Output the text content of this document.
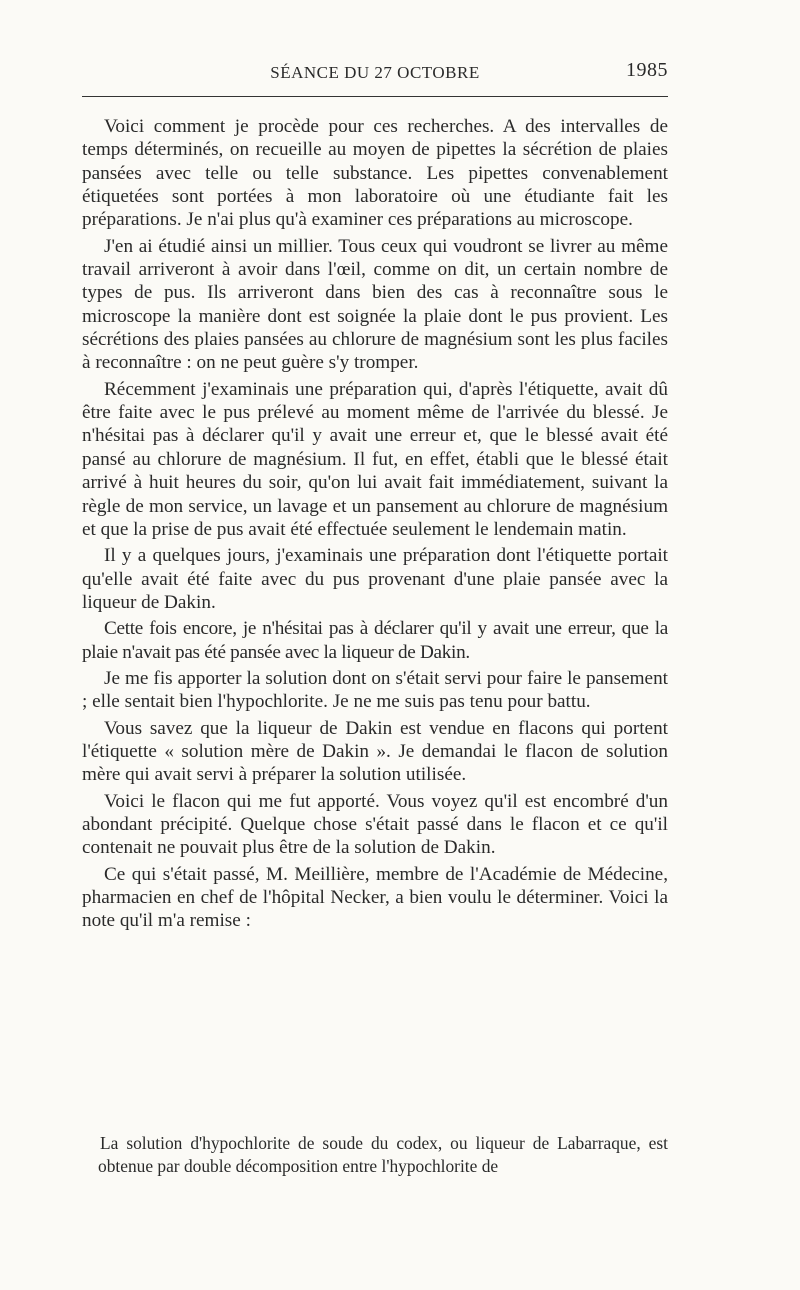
SÉANCE DU 27 OCTOBRE	1985

Voici comment je procède pour ces recherches. A des intervalles de temps déterminés, on recueille au moyen de pipettes la sécrétion de plaies pansées avec telle ou telle substance. Les pipettes convenablement étiquetées sont portées à mon laboratoire où une étudiante fait les préparations. Je n'ai plus qu'à examiner ces préparations au microscope.

J'en ai étudié ainsi un millier. Tous ceux qui voudront se livrer au même travail arriveront à avoir dans l'œil, comme on dit, un certain nombre de types de pus. Ils arriveront dans bien des cas à reconnaître sous le microscope la manière dont est soignée la plaie dont le pus provient. Les sécrétions des plaies pansées au chlorure de magnésium sont les plus faciles à reconnaître : on ne peut guère s'y tromper.

Récemment j'examinais une préparation qui, d'après l'étiquette, avait dû être faite avec le pus prélevé au moment même de l'arrivée du blessé. Je n'hésitai pas à déclarer qu'il y avait une erreur et, que le blessé avait été pansé au chlorure de magnésium. Il fut, en effet, établi que le blessé était arrivé à huit heures du soir, qu'on lui avait fait immédiatement, suivant la règle de mon service, un lavage et un pansement au chlorure de magnésium et que la prise de pus avait été effectuée seulement le lendemain matin.

Il y a quelques jours, j'examinais une préparation dont l'étiquette portait qu'elle avait été faite avec du pus provenant d'une plaie pansée avec la liqueur de Dakin.

Cette fois encore, je n'hésitai pas à déclarer qu'il y avait une erreur, que la plaie n'avait pas été pansée avec la liqueur de Dakin.

Je me fis apporter la solution dont on s'était servi pour faire le pansement ; elle sentait bien l'hypochlorite. Je ne me suis pas tenu pour battu.

Vous savez que la liqueur de Dakin est vendue en flacons qui portent l'étiquette « solution mère de Dakin ». Je demandai le flacon de solution mère qui avait servi à préparer la solution utilisée.

Voici le flacon qui me fut apporté. Vous voyez qu'il est encombré d'un abondant précipité. Quelque chose s'était passé dans le flacon et ce qu'il contenait ne pouvait plus être de la solution de Dakin.

Ce qui s'était passé, M. Meillière, membre de l'Académie de Médecine, pharmacien en chef de l'hôpital Necker, a bien voulu le déterminer. Voici la note qu'il m'a remise :

La solution d'hypochlorite de soude du codex, ou liqueur de Labarraque, est obtenue par double décomposition entre l'hypochlorite de
